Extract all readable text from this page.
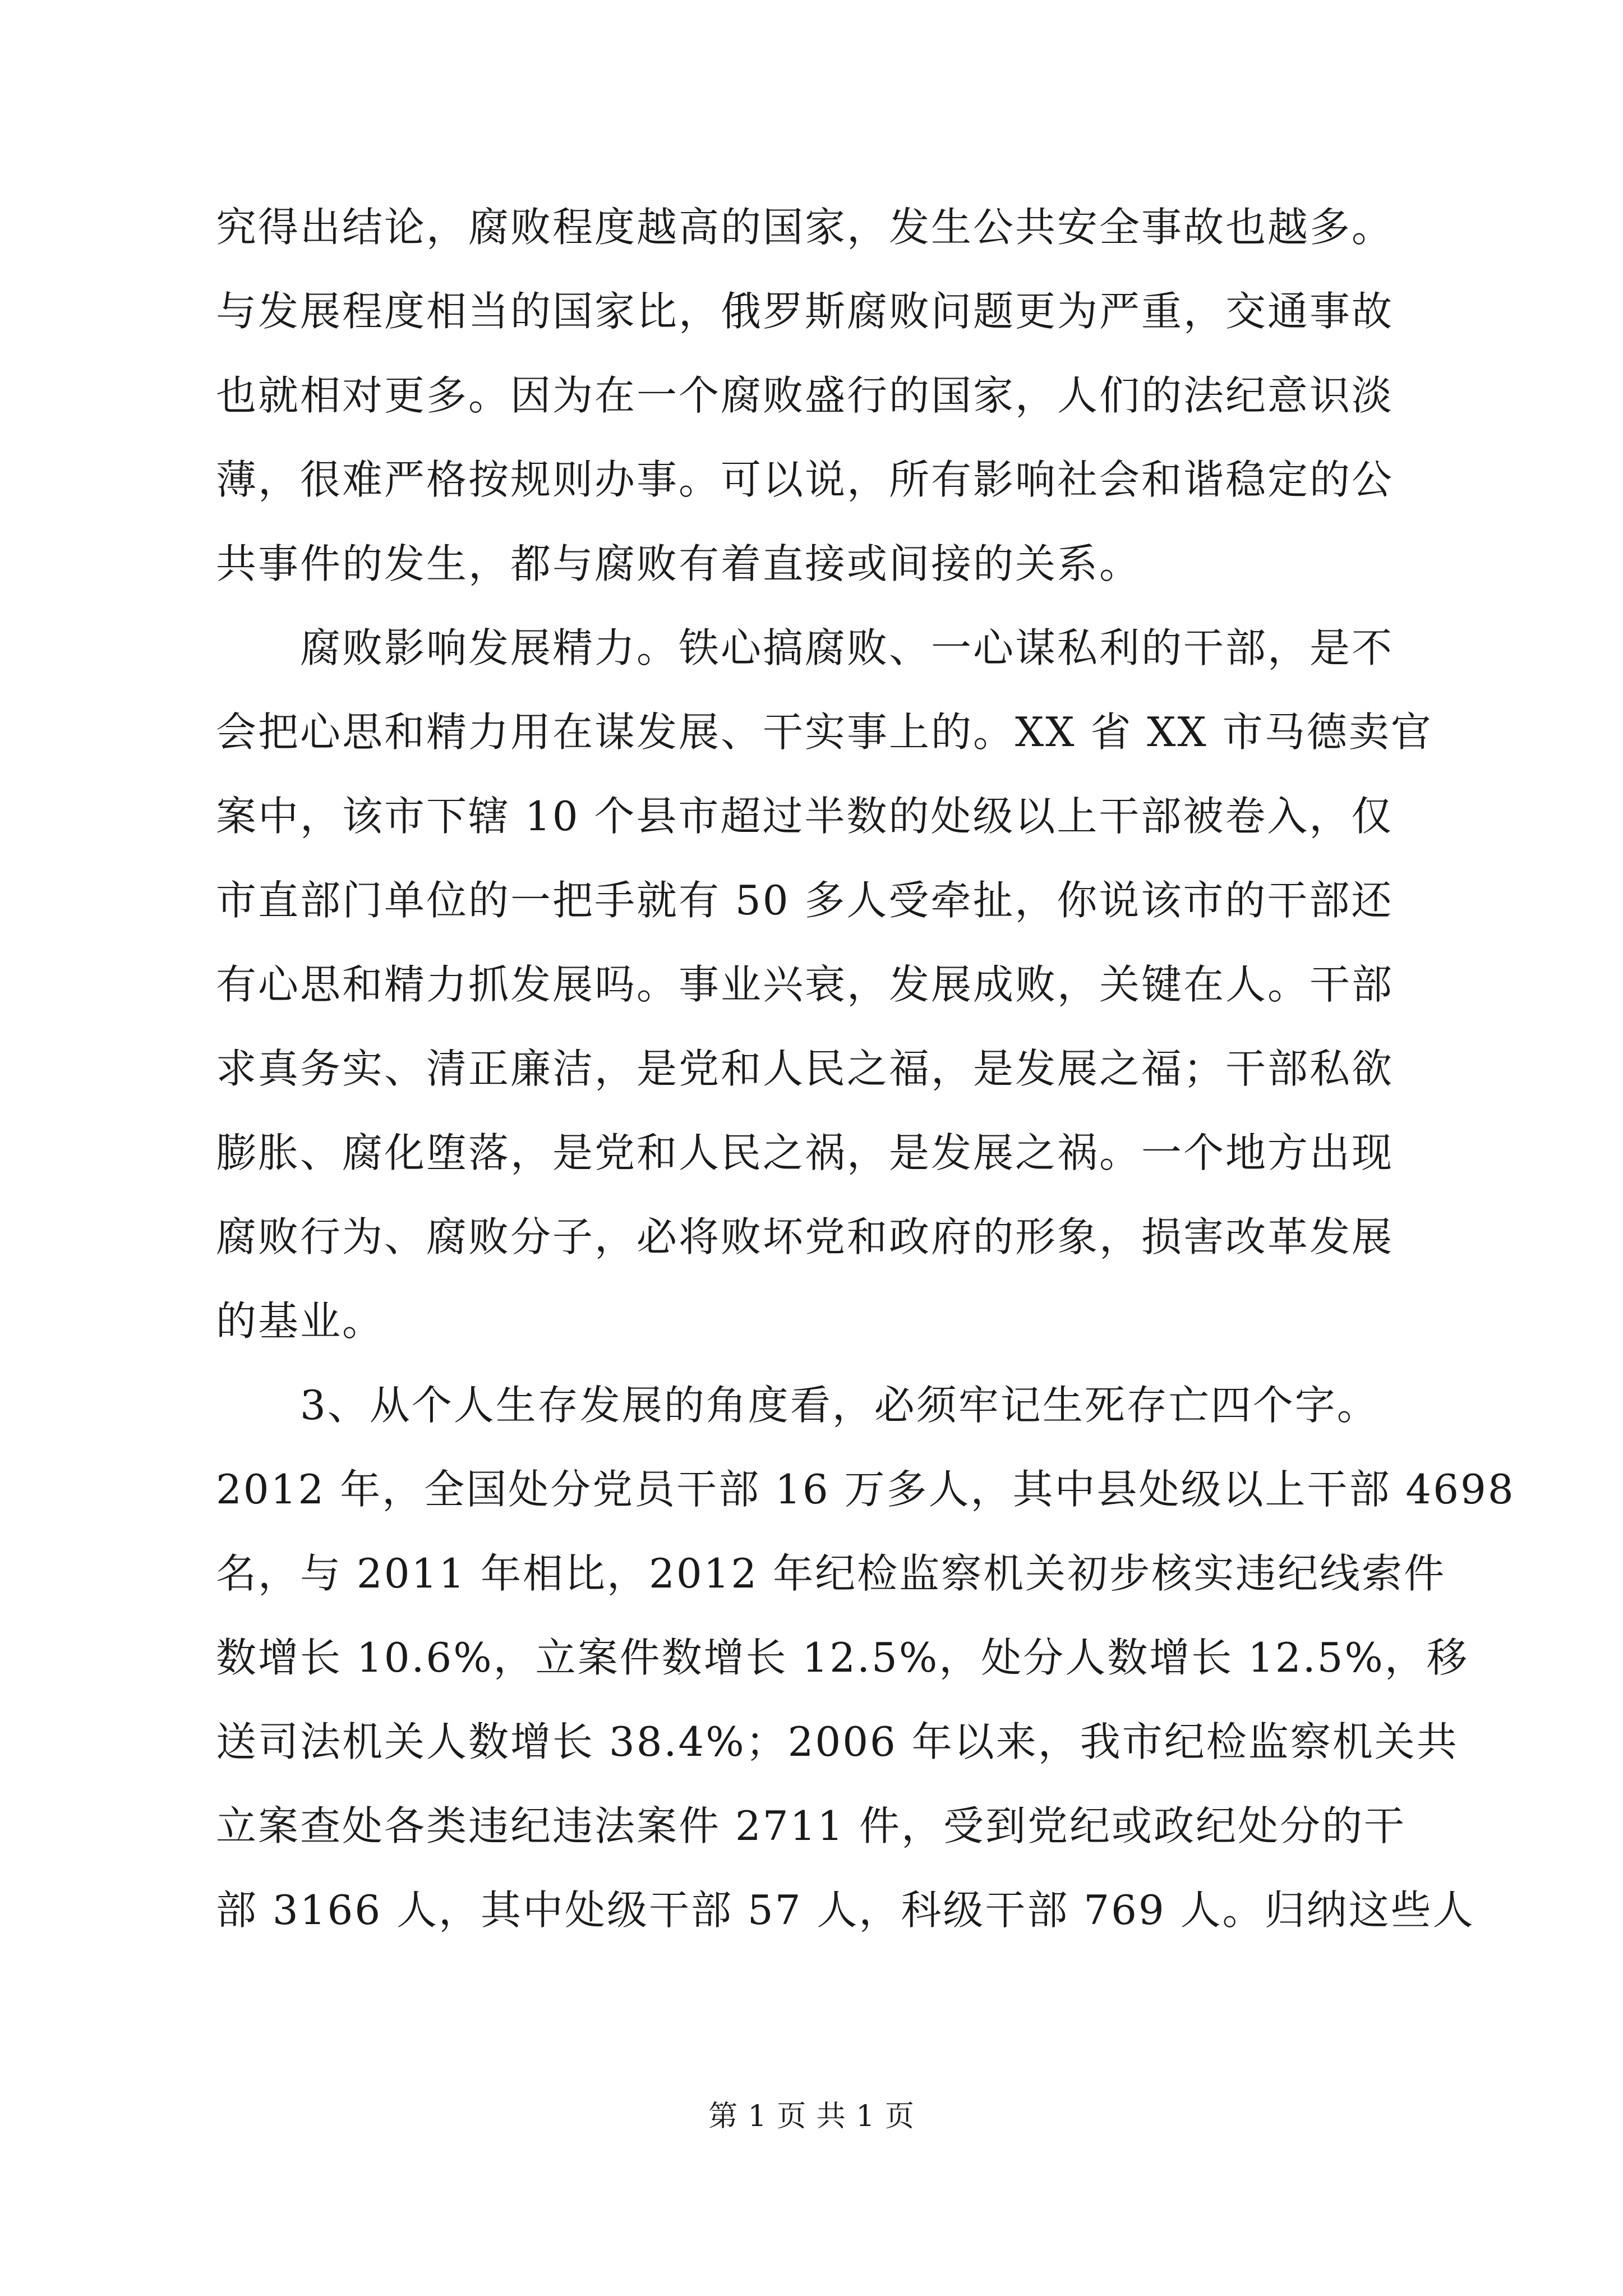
究得出结论，腐败程度越高的国家，发生公共安全事故也越多。
与发展程度相当的国家比，俄罗斯腐败问题更为严重，交通事故
也就相对更多。因为在一个腐败盛行的国家，人们的法纪意识淡
薄，很难严格按规则办事。可以说，所有影响社会和谐稳定的公
共事件的发生，都与腐败有着直接或间接的关系。
腐败影响发展精力。铁心搞腐败、一心谋私利的干部，是不
会把心思和精力用在谋发展、干实事上的。XX 省 XX 市马德卖官
案中，该市下辖 10 个县市超过半数的处级以上干部被卷入，仅
市直部门单位的一把手就有 50 多人受牵扯，你说该市的干部还
有心思和精力抓发展吗。事业兴衰，发展成败，关键在人。干部
求真务实、清正廉洁，是党和人民之福，是发展之福；干部私欲
膨胀、腐化堕落，是党和人民之祸，是发展之祸。一个地方出现
腐败行为、腐败分子，必将败坏党和政府的形象，损害改革发展
的基业。
3、从个人生存发展的角度看，必须牢记生死存亡四个字。
2012 年，全国处分党员干部 16 万多人，其中县处级以上干部 4698
名，与 2011 年相比，2012 年纪检监察机关初步核实违纪线索件
数增长 10.6%，立案件数增长 12.5%，处分人数增长 12.5%，移
送司法机关人数增长 38.4%；2006 年以来，我市纪检监察机关共
立案查处各类违纪违法案件 2711 件，受到党纪或政纪处分的干
部 3166 人，其中处级干部 57 人，科级干部 769 人。归纳这些人
第 1 页 共 1 页
